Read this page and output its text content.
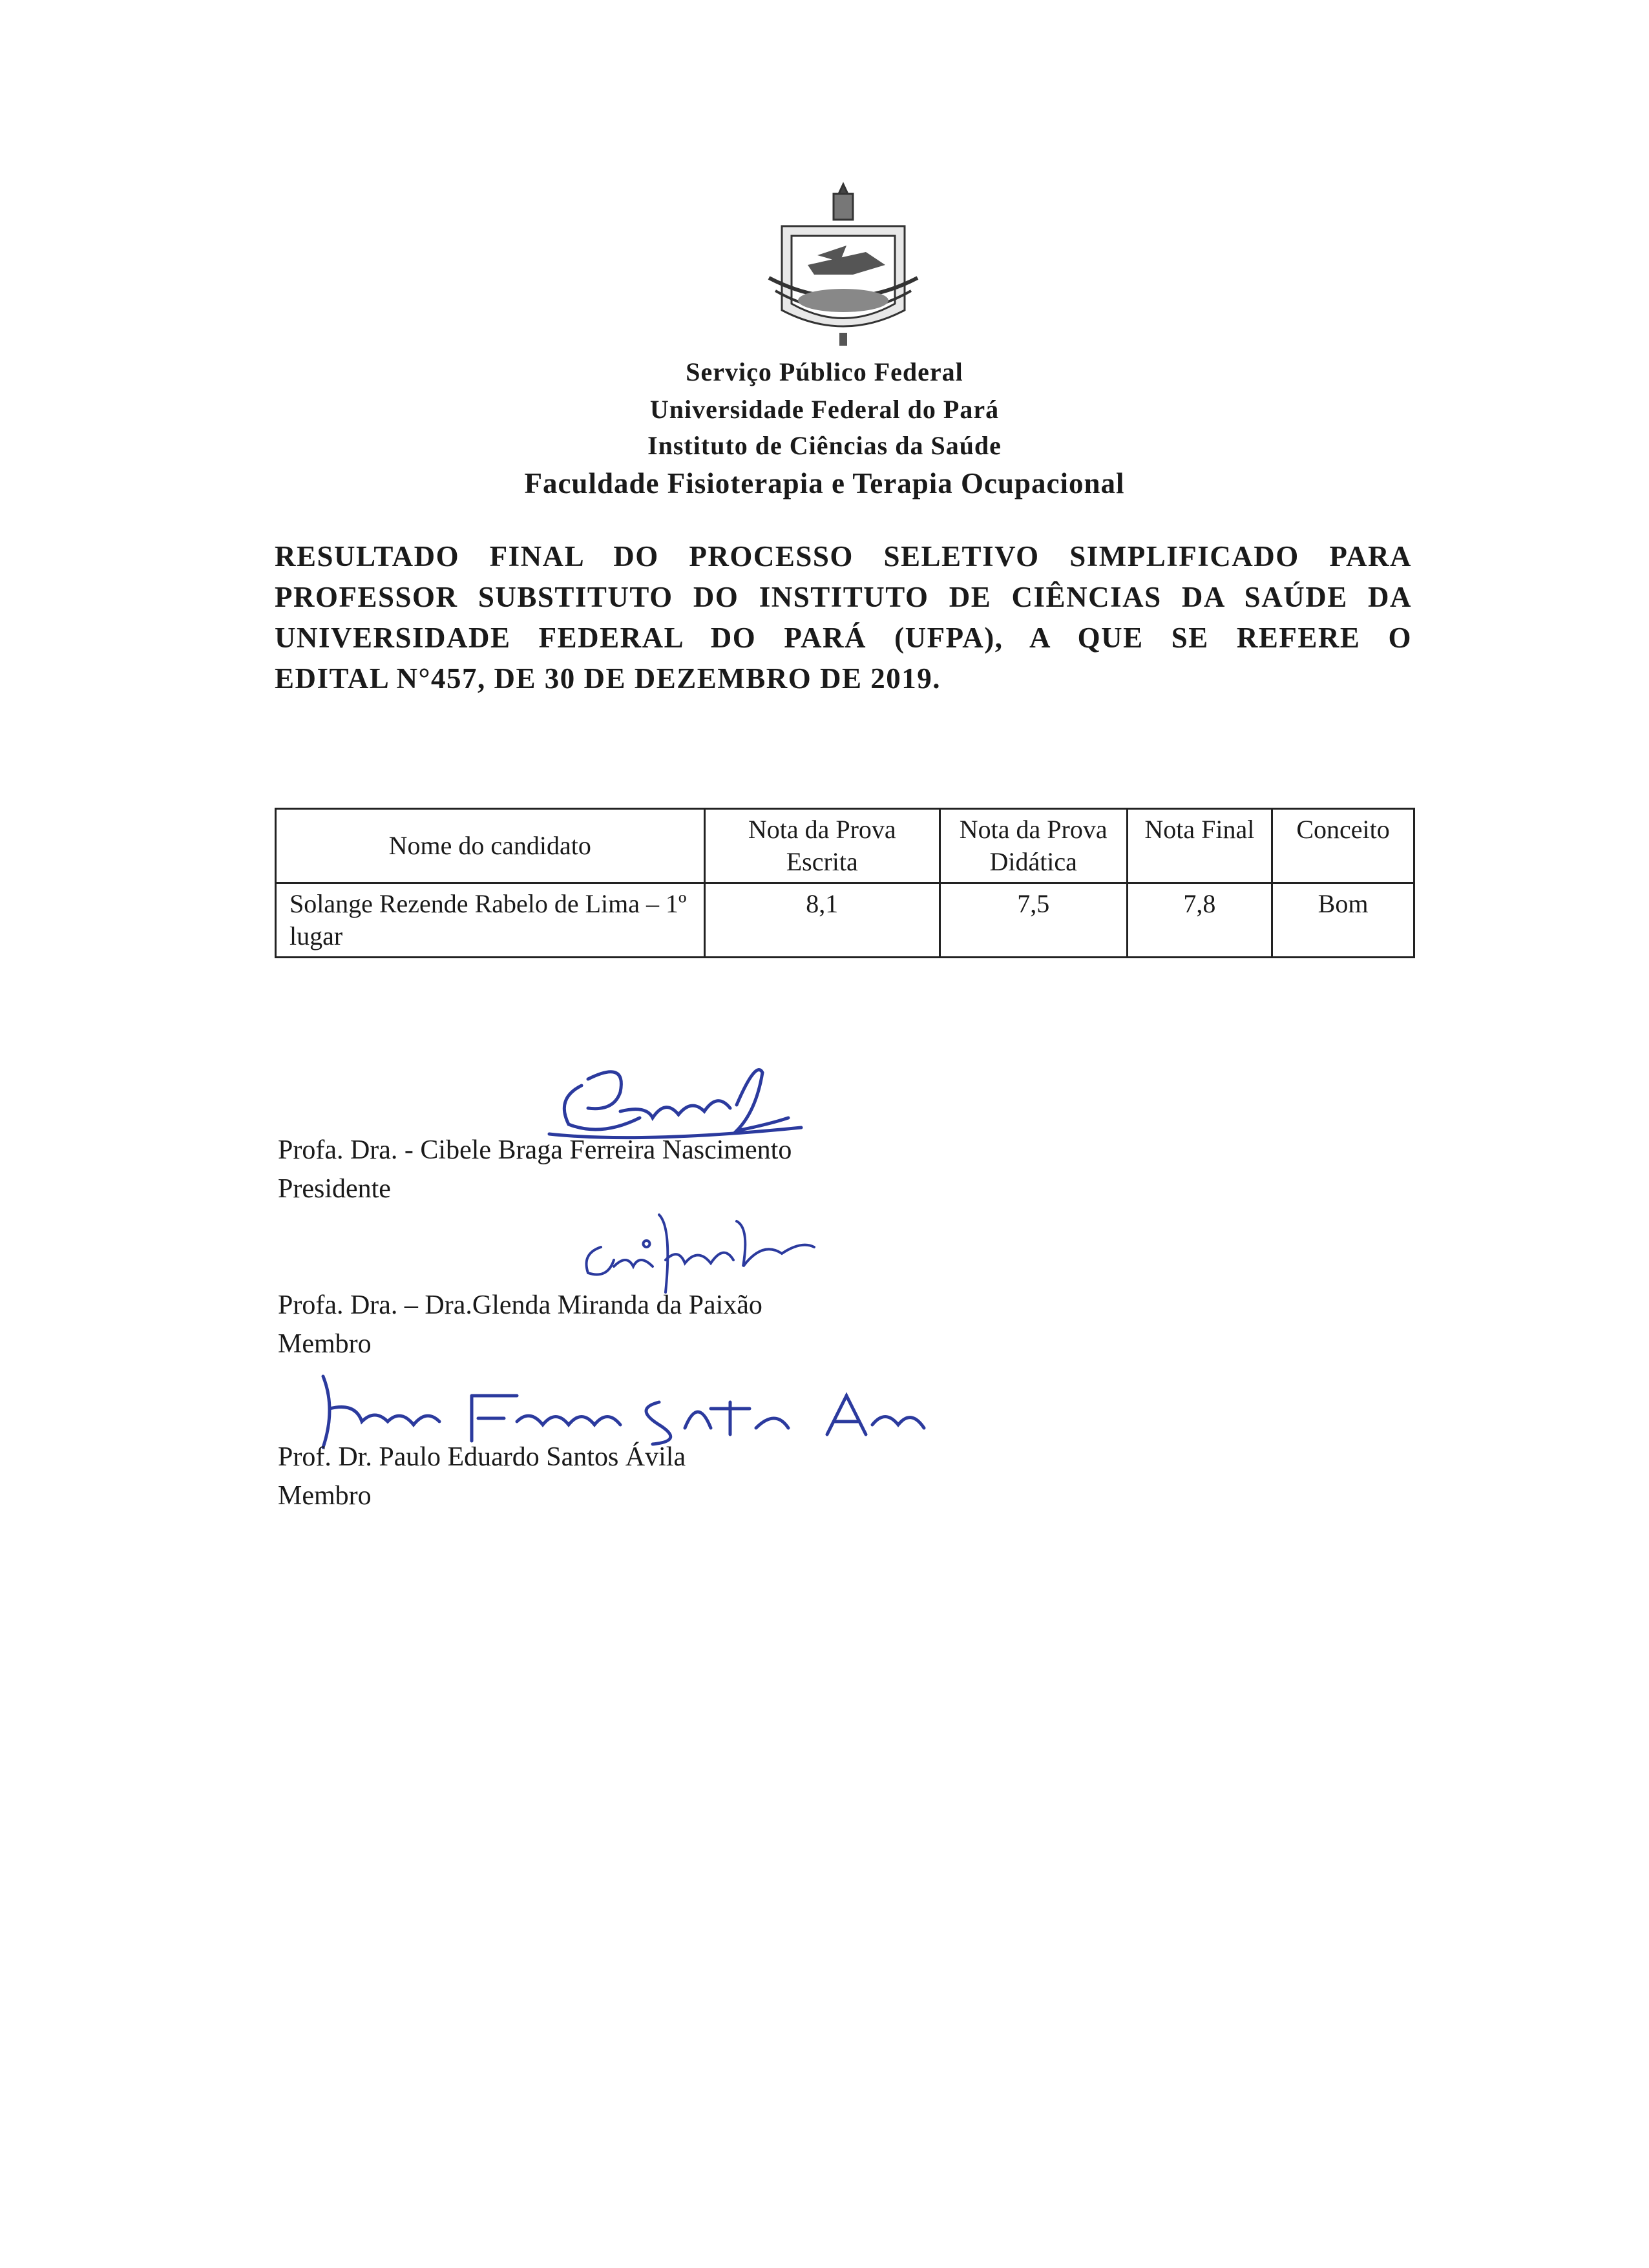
Serviço Público Federal
Universidade Federal do Pará
Instituto de Ciências da Saúde
Faculdade Fisioterapia e Terapia Ocupacional
RESULTADO FINAL DO PROCESSO SELETIVO SIMPLIFICADO PARA
PROFESSOR SUBSTITUTO DO INSTITUTO DE CIÊNCIAS DA SAÚDE DA
UNIVERSIDADE FEDERAL DO PARÁ (UFPA), A QUE SE REFERE O
EDITAL N°457, DE 30 DE DEZEMBRO DE 2019.
Nome do candidato	Nota da Prova Escrita	Nota da Prova Didática	Nota Final	Conceito
Solange Rezende Rabelo de Lima – 1º lugar	8,1	7,5	7,8	Bom
Profa. Dra. - Cibele Braga Ferreira Nascimento
Presidente
Profa. Dra. – Dra.Glenda Miranda da Paixão
Membro
Prof. Dr. Paulo Eduardo Santos Ávila
Membro
